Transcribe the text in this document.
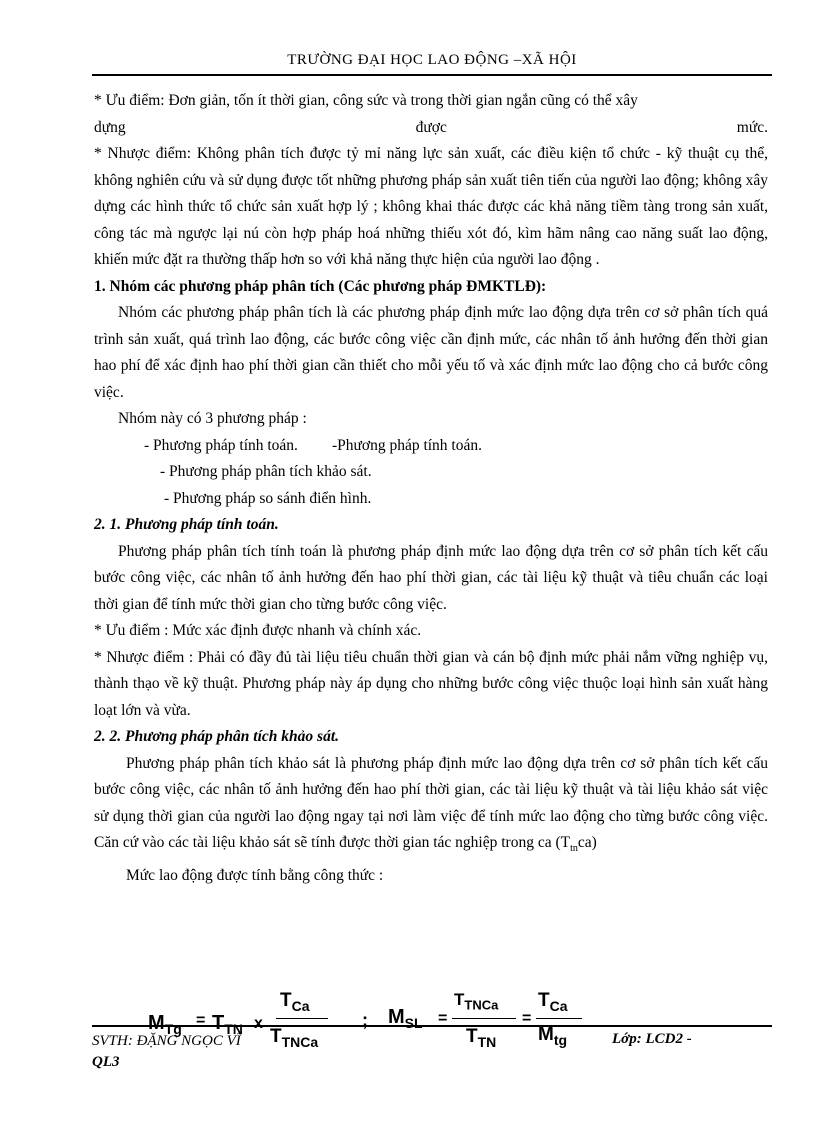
TRƯỜNG ĐẠI HỌC LAO ĐỘNG –XÃ HỘI

* Ưu điểm: Đơn giản, tốn ít thời gian, công sức và trong thời gian ngắn cũng có thể xây

dựng	được	mức.

* Nhược điểm: Không phân tích được tỷ mỉ năng lực sản xuất, các điều kiện tổ chức - kỹ thuật cụ thể, không nghiên cứu và sử dụng được tốt những phương pháp sản xuất tiên tiến của người lao động; không xây dựng các hình thức tổ chức sản xuất hợp lý ; không khai thác được các khả năng tiềm tàng trong sản xuất, công tác mà ngược lại nú còn hợp pháp hoá những thiếu xót đó, kìm hãm nâng cao năng suất lao động, khiến mức đặt ra thường thấp hơn so với khả năng thực hiện của người lao động .

1. Nhóm các phương pháp phân tích (Các phương pháp ĐMKTLĐ):

Nhóm các phương pháp phân tích là các phương pháp định mức lao động dựa trên cơ sở phân tích quá trình sản xuất, quá trình lao động, các bước công việc cần định mức, các nhân tố ảnh hưởng đến thời gian hao phí để xác định hao phí thời gian cần thiết cho mỗi yếu tố và xác định mức lao động cho cả bước công việc.

Nhóm này có 3 phương pháp :

- Phương pháp tính toán. -Phương pháp tính toán.

- Phương pháp phân tích khảo sát.

- Phương pháp so sánh điển hình.

2. 1. Phương pháp tính toán.

Phương pháp phân tích tính toán là phương pháp định mức lao động dựa trên cơ sở phân tích kết cấu bước công việc, các nhân tố ảnh hưởng đến hao phí thời gian, các tài liệu kỹ thuật và tiêu chuẩn các loại thời gian để tính mức thời gian cho từng bước công việc.

* Ưu điểm : Mức xác định được nhanh và chính xác.

* Nhược điểm : Phải có đầy đủ tài liệu tiêu chuẩn thời gian và cán bộ định mức phải nắm vững nghiệp vụ, thành thạo về kỹ thuật. Phương pháp này áp dụng cho những bước công việc thuộc loại hình sản xuất hàng loạt lớn và vừa.

2. 2. Phương pháp phân tích khảo sát.

Phương pháp phân tích khảo sát là phương pháp định mức lao động dựa trên cơ sở phân tích kết cấu bước công việc, các nhân tố ảnh hưởng đến hao phí thời gian, các tài liệu kỹ thuật và tài liệu khảo sát việc sử dụng thời gian của người lao động ngay tại nơi làm việc để tính mức lao động cho từng bước công việc. Căn cứ vào các tài liệu khảo sát sẽ tính được thời gian tác nghiệp trong ca $(T_{tn}ca)$

Mức lao động được tính bằng công thức :

$M_{Tg} = T_{TN}$ x
$T_{Ca}$
$T_{TNCa}$
; $M_{SL}$ =
$T_{TNCa}$
$T_{TN}$
=
$T_{Ca}$
$M_{tg}$
SVTH: ĐẶNG NGỌC VĨ
QL3
Lớp: LCD2 -
